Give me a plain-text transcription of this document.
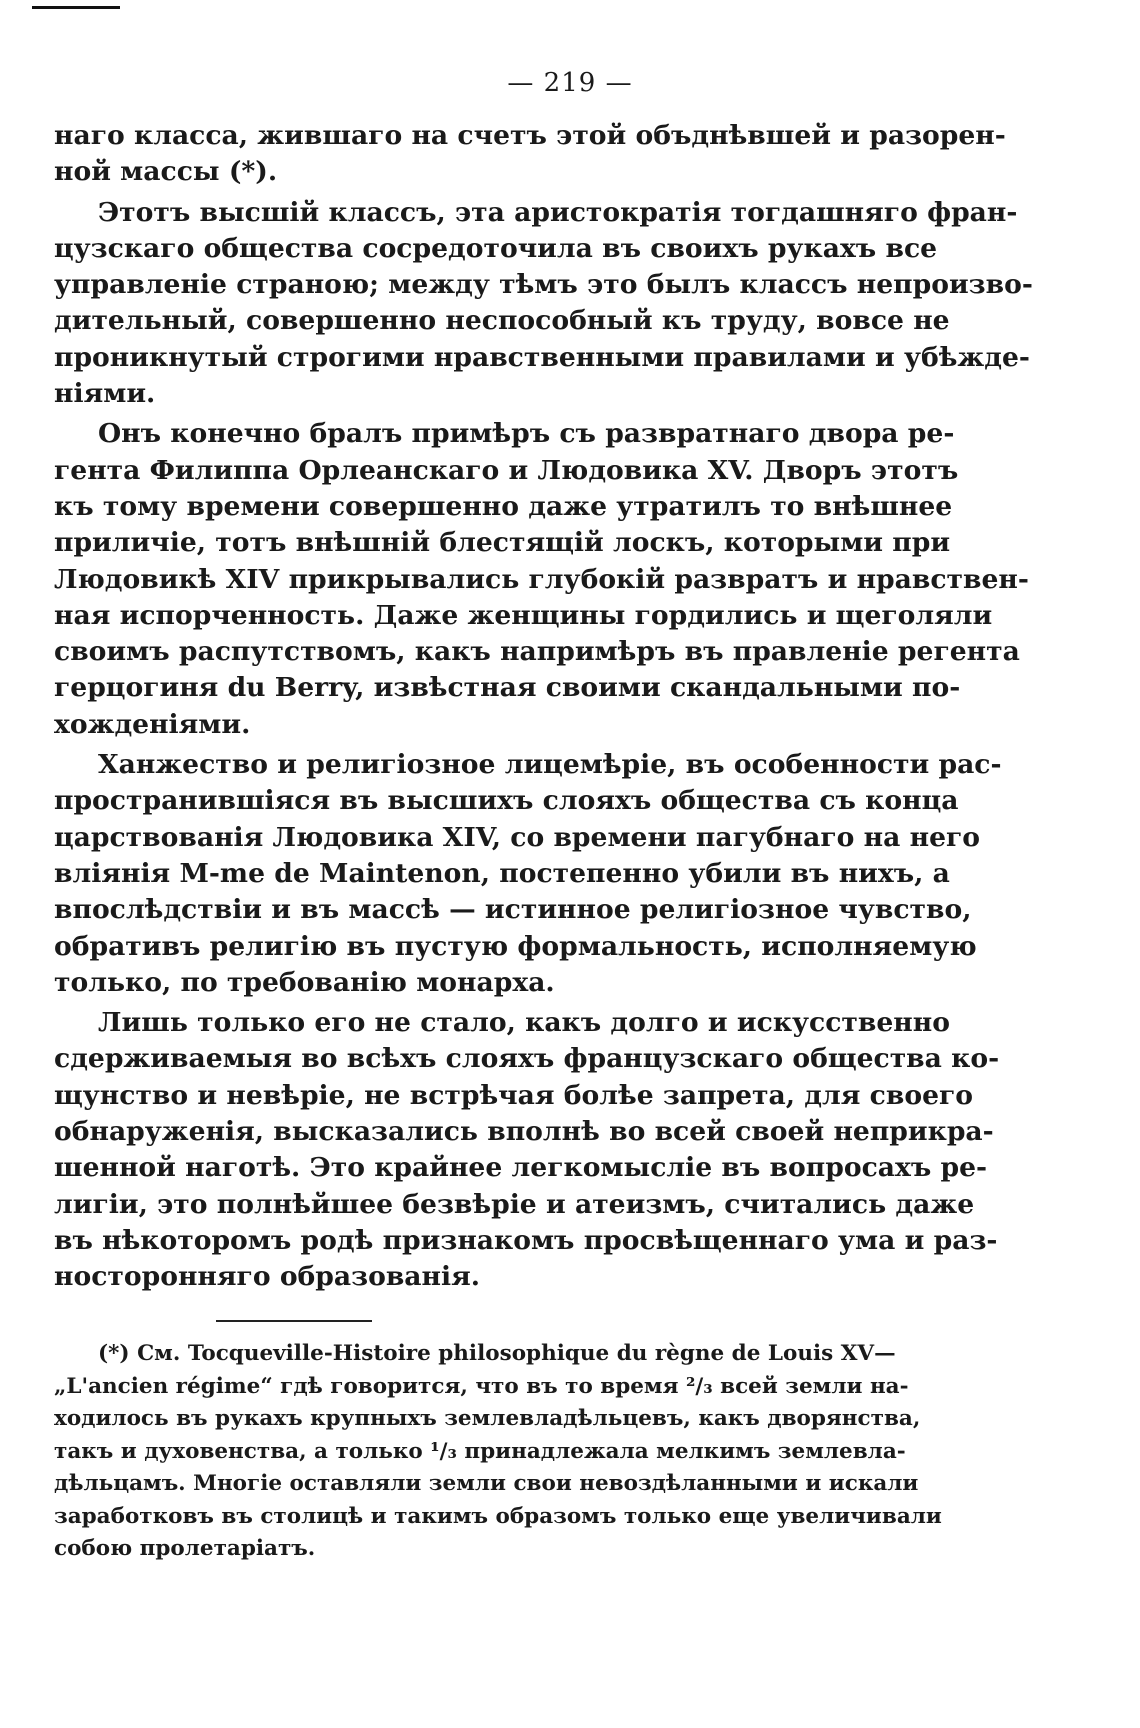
— 219 —

наго класса, жившаго на счетъ этой объднѣвшей и разорен-
ной массы (*).

Этотъ высшій классъ, эта аристократія тогдашняго фран-
цузскаго общества сосредоточила въ своихъ рукахъ все
управленіе страною; между тѣмъ это былъ классъ непроизво-
дительный, совершенно неспособный къ труду, вовсе не
проникнутый строгими нравственными правилами и убѣжде-
ніями.

Онъ конечно бралъ примѣръ съ развратнаго двора ре-
гента Филиппа Орлеанскаго и Людовика XV. Дворъ этотъ
къ тому времени совершенно даже утратилъ то внѣшнее
приличіе, тотъ внѣшній блестящій лоскъ, которыми при
Людовикѣ XIV прикрывались глубокій развратъ и нравствен-
ная испорченность. Даже женщины гордились и щеголяли
своимъ распутствомъ, какъ напримѣръ въ правленіе регента
герцогиня du Berry, извѣстная своими скандальными по-
хожденіями.

Ханжество и религіозное лицемѣріе, въ особенности рас-
пространившіяся въ высшихъ слояхъ общества съ конца
царствованія Людовика XIV, со времени пагубнаго на него
вліянія M-me de Maintenon, постепенно убили въ нихъ, а
впослѣдствіи и въ массѣ — истинное религіозное чувство,
обративъ религію въ пустую формальность, исполняемую
только, по требованію монарха.

Лишь только его не стало, какъ долго и искусственно
сдерживаемыя во всѣхъ слояхъ французскаго общества ко-
щунство и невѣріе, не встрѣчая болѣе запрета, для своего
обнаруженія, высказались вполнѣ во всей своей неприкра-
шенной наготѣ. Это крайнее легкомысліе въ вопросахъ ре-
лигіи, это полнѣйшее безвѣріе и атеизмъ, считались даже
въ нѣкоторомъ родѣ признакомъ просвѣщеннаго ума и раз-
носторонняго образованія.

(*) См. Tocqueville-Histoire philosophique du règne de Louis XV—
„L'ancien régime“ гдѣ говорится, что въ то время ²/₃ всей земли на-
ходилось въ рукахъ крупныхъ землевладѣльцевъ, какъ дворянства,
такъ и духовенства, а только ¹/₃ принадлежала мелкимъ землевла-
дѣльцамъ. Многіе оставляли земли свои невоздѣланными и искали
заработковъ въ столицѣ и такимъ образомъ только еще увеличивали
собою пролетаріатъ.
